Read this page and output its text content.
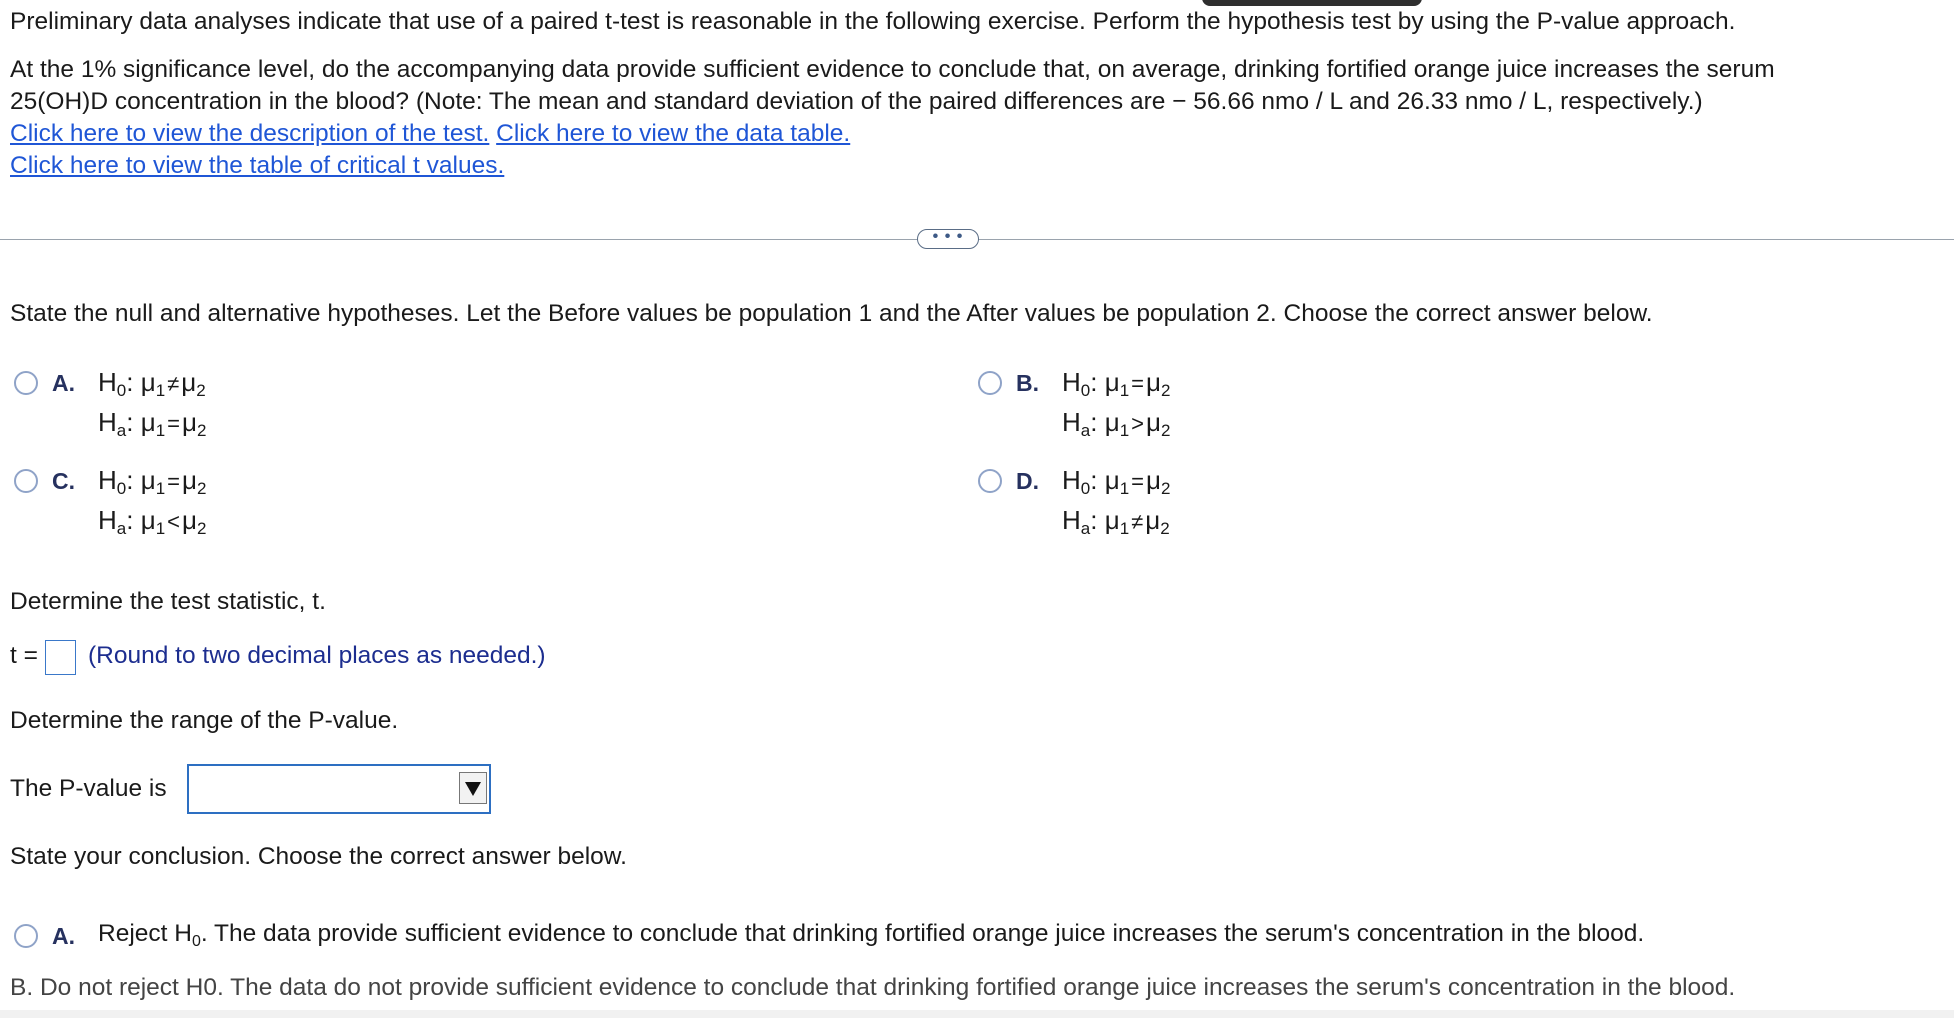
Preliminary data analyses indicate that use of a paired t-test is reasonable in the following exercise. Perform the hypothesis test by using the P-value approach.
At the 1% significance level, do the accompanying data provide sufficient evidence to conclude that, on average, drinking fortified orange juice increases the serum
25(OH)D concentration in the blood? (Note: The mean and standard deviation of the paired differences are − 56.66 nmo / L and 26.33 nmo / L, respectively.)
Click here to view the description of the test. Click here to view the data table.
Click here to view the table of critical t values.
• • •
State the null and alternative hypotheses. Let the Before values be population 1 and the After values be population 2. Choose the correct answer below.
A. $H_0$: $\mu_1\ne\mu_2$
$H_a$: $\mu_1=\mu_2$
B. $H_0$: $\mu_1=\mu_2$
$H_a$: $\mu_1>\mu_2$
C. $H_0$: $\mu_1=\mu_2$
$H_a$: $\mu_1<\mu_2$
D. $H_0$: $\mu_1=\mu_2$
$H_a$: $\mu_1\ne\mu_2$
Determine the test statistic, t.
t = (Round to two decimal places as needed.)
Determine the range of the P-value.
The P-value is
State your conclusion. Choose the correct answer below.
A. Reject $H_0$. The data provide sufficient evidence to conclude that drinking fortified orange juice increases the serum's concentration in the blood.
B. Do not reject H0. The data do not provide sufficient evidence to conclude that drinking fortified orange juice increases the serum's concentration in the blood.
